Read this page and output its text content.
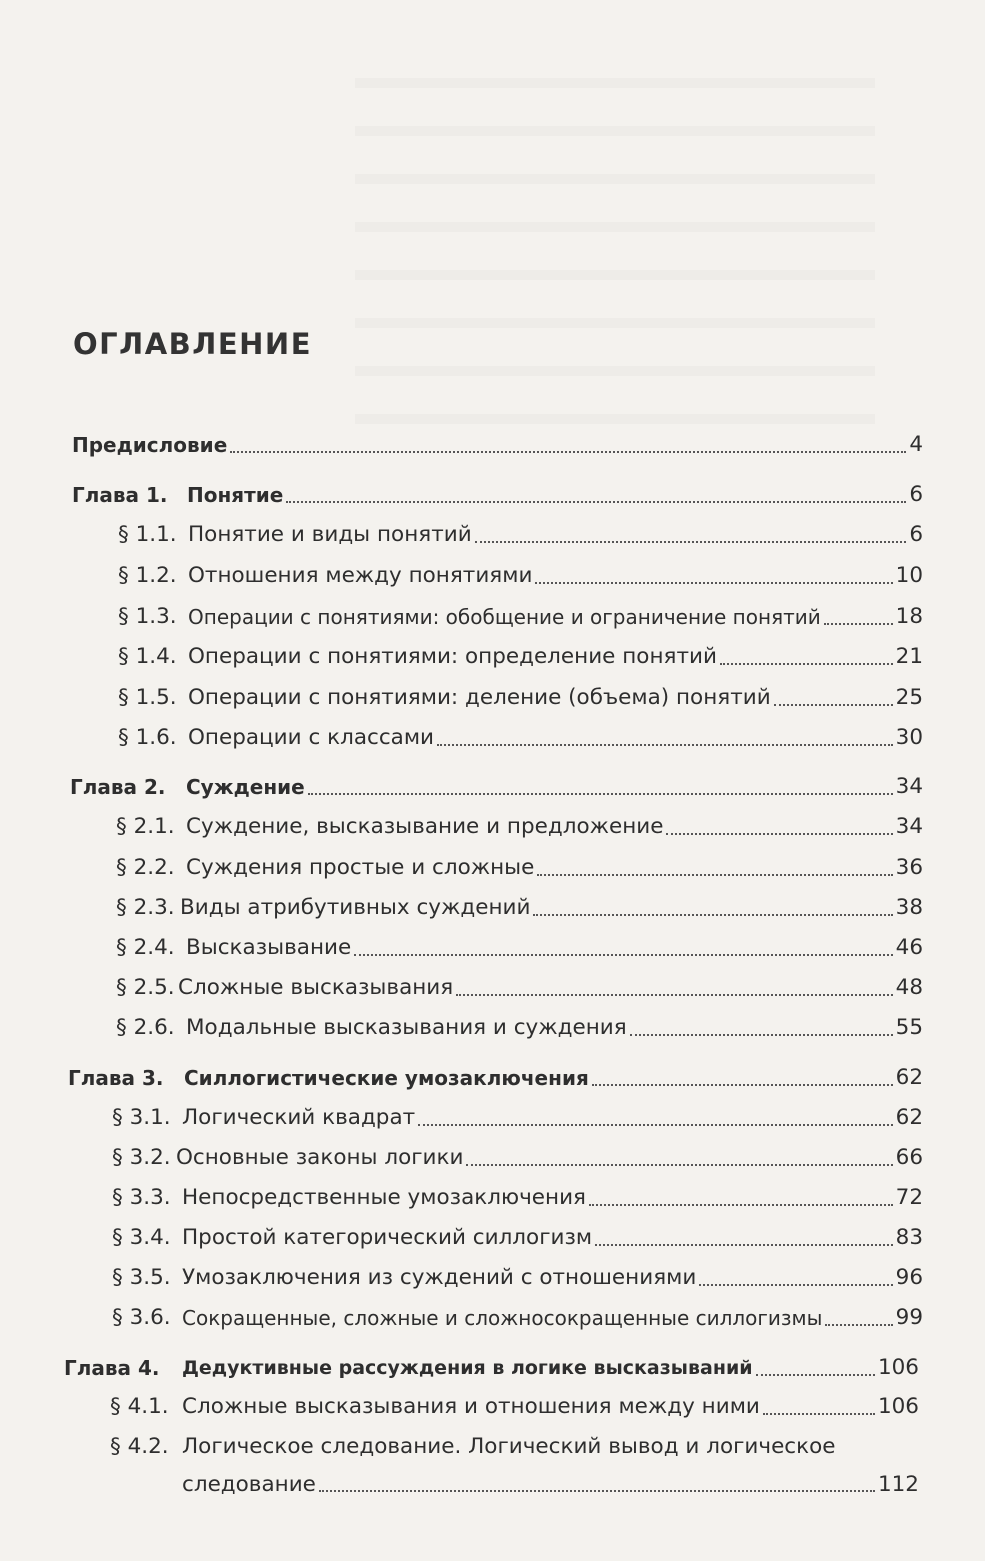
ОГЛАВЛЕНИЕ
Предисловие	4
Глава 1. Понятие	6
§ 1.1. Понятие и виды понятий	6
§ 1.2. Отношения между понятиями	10
§ 1.3. Операции с понятиями: обобщение и ограничение понятий	18
§ 1.4. Операции с понятиями: определение понятий	21
§ 1.5. Операции с понятиями: деление (объема) понятий	25
§ 1.6. Операции с классами	30
Глава 2.	Суждение	34
§ 2.1. Суждение, высказывание и предложение	34
§ 2.2. Суждения простые и сложные	36
§ 2.3. Виды атрибутивных суждений	38
§ 2.4. Высказывание	46
§ 2.5. Сложные высказывания	48
§ 2.6. Модальные высказывания и суждения	55
Глава 3.	Силлогистические умозаключения	62
§ 3.1. Логический квадрат	62
§ 3.2. Основные законы логики	66
§ 3.3. Непосредственные умозаключения	72
§ 3.4. Простой категорический силлогизм	83
§ 3.5. Умозаключения из суждений с отношениями	96
§ 3.6. Сокращенные, сложные и сложносокращенные силлогизмы	99
Глава 4.	Дедуктивные рассуждения в логике высказываний	106
§ 4.1. Сложные высказывания и отношения между ними	106
§ 4.2. Логическое следование. Логический вывод и логическое
следование	112
